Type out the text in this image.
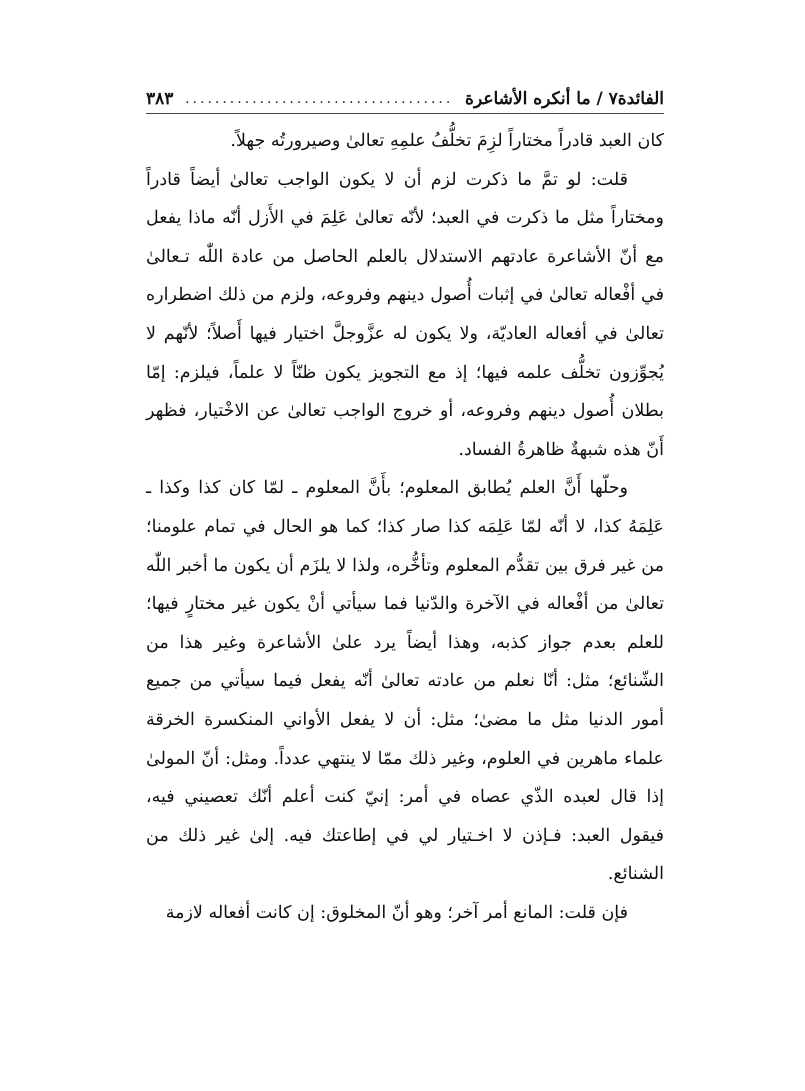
الفائدة٧ / ما أنكره الأشاعرة
....................................
٣٨٣

كان العبد قادراً مختاراً لزِمَ تخلُّفُ علمِهِ تعالىٰ وصيرورتُه جهلاً.

قلت: لو تمَّ ما ذكرت لزم أن لا يكون الواجب تعالىٰ أيضاً قادراً ومختاراً مثل ما ذكرت في العبد؛ لأنّه تعالىٰ عَلِمَ في الأَزل أنّه ماذا يفعل مع أنّ الأشاعرة عادتهم الاستدلال بالعلم الحاصل من عادة اللّٰه تـعالىٰ في أفْعاله تعالىٰ في إثبات أُصول دينهم وفروعه، ولزم من ذلك اضطراره تعالىٰ في أفعاله العاديّة، ولا يكون له عزَّوجلَّ اختيار فيها أَصلاً؛ لأنّهم لا يُجوِّزون تخلُّف علمه فيها؛ إذ مع التجويز يكون ظنّاً لا علماً، فيلزم: إمّا بطلان أُصول دينهم وفروعه، أو خروج الواجب تعالىٰ عن الاخْتيار، فظهر أَنّ هذه شبهةٌ ظاهرةُ الفساد.

وحلّها أَنَّ العلم يُطابق المعلوم؛ بأَنَّ المعلوم ـ لمّا كان كذا وكذا ـ عَلِمَهُ كذا، لا أنّه لمّا عَلِمَه كذا صار كذا؛ كما هو الحال في تمام علومنا؛ من غير فرق بين تقدُّم المعلوم وتأخُّره، ولذا لا يلزَم أن يكون ما أخبر اللّٰه تعالىٰ من أفْعاله في الآخرة والدّنيا فما سيأتي أنْ يكون غير مختارٍ فيها؛ للعلم بعدم جواز كذبه، وهذا أيضاً يرد علىٰ الأشاعرة وغير هذا من الشّنائع؛ مثل: أنّا نعلم من عادته تعالىٰ أنّه يفعل فيما سيأتي من جميع أمور الدنيا مثل ما مضىٰ؛ مثل: أن لا يفعل الأواني المنكسرة الخرقة علماء ماهرين في العلوم، وغير ذلك ممّا لا ينتهي عدداً. ومثل: أنّ المولىٰ إذا قال لعبده الذّي عصاه في أمر: إنيّ كنت أعلم أنّك تعصيني فيه، فيقول العبد: فـإذن لا اخـتيار لي في إطاعتك فيه. إلىٰ غير ذلك من الشنائع.

فإن قلت: المانع أمر آخر؛ وهو أنّ المخلوق: إن كانت أفعاله لازمة
